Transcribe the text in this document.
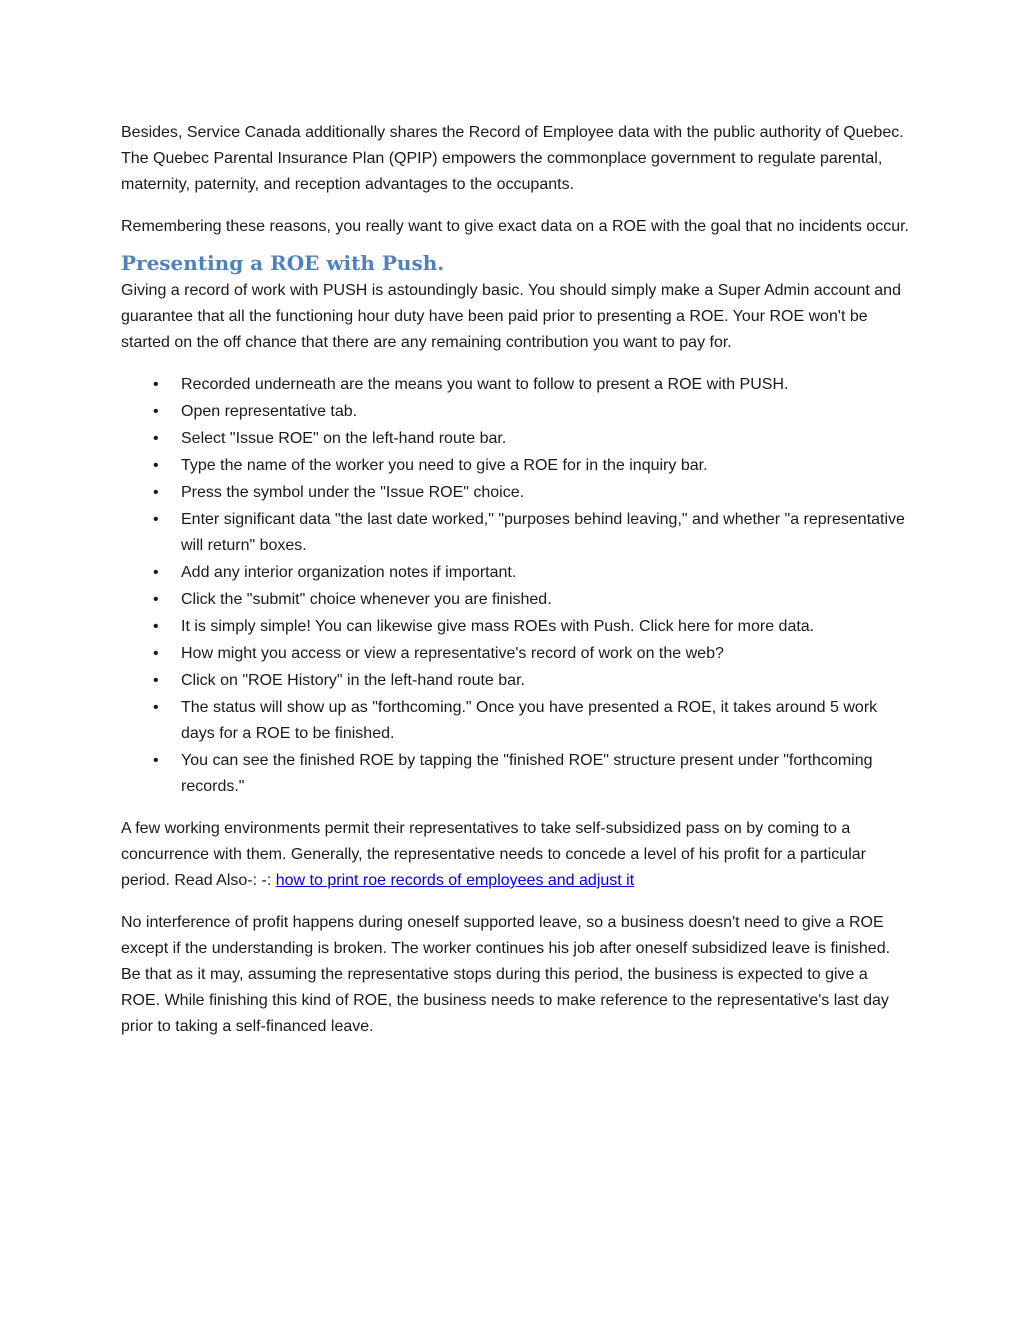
Besides, Service Canada additionally shares the Record of Employee data with the public authority of Quebec. The Quebec Parental Insurance Plan (QPIP) empowers the commonplace government to regulate parental, maternity, paternity, and reception advantages to the occupants.

Remembering these reasons, you really want to give exact data on a ROE with the goal that no incidents occur.

Presenting a ROE with Push.

Giving a record of work with PUSH is astoundingly basic. You should simply make a Super Admin account and guarantee that all the functioning hour duty have been paid prior to presenting a ROE. Your ROE won't be started on the off chance that there are any remaining contribution you want to pay for.

• Recorded underneath are the means you want to follow to present a ROE with PUSH.
• Open representative tab.
• Select "Issue ROE" on the left-hand route bar.
• Type the name of the worker you need to give a ROE for in the inquiry bar.
• Press the symbol under the "Issue ROE" choice.
• Enter significant data "the last date worked," "purposes behind leaving," and whether "a representative will return" boxes.
• Add any interior organization notes if important.
• Click the "submit" choice whenever you are finished.
• It is simply simple! You can likewise give mass ROEs with Push. Click here for more data.
• How might you access or view a representative's record of work on the web?
• Click on "ROE History" in the left-hand route bar.
• The status will show up as "forthcoming." Once you have presented a ROE, it takes around 5 work days for a ROE to be finished.
• You can see the finished ROE by tapping the "finished ROE" structure present under "forthcoming records."

A few working environments permit their representatives to take self-subsidized pass on by coming to a concurrence with them. Generally, the representative needs to concede a level of his profit for a particular period. Read Also-: -: how to print roe records of employees and adjust it

No interference of profit happens during oneself supported leave, so a business doesn't need to give a ROE except if the understanding is broken. The worker continues his job after oneself subsidized leave is finished. Be that as it may, assuming the representative stops during this period, the business is expected to give a ROE. While finishing this kind of ROE, the business needs to make reference to the representative's last day prior to taking a self-financed leave.
